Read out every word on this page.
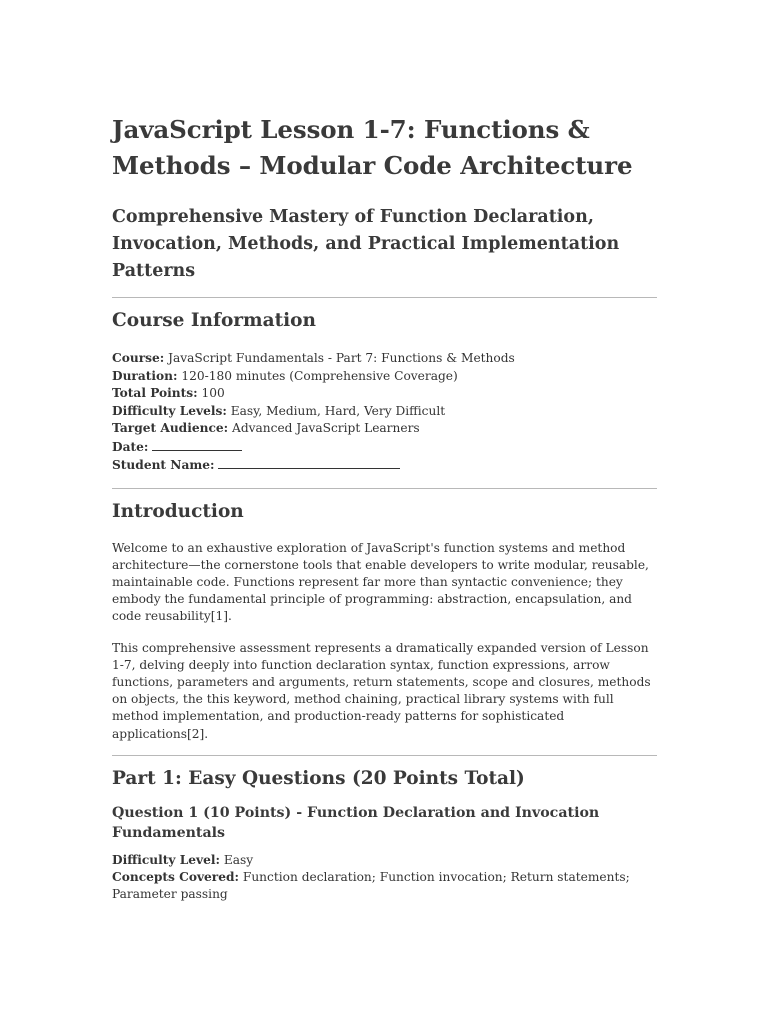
JavaScript Lesson 1-7: Functions & Methods – Modular Code Architecture
Comprehensive Mastery of Function Declaration, Invocation, Methods, and Practical Implementation Patterns
Course Information
Course: JavaScript Fundamentals - Part 7: Functions & Methods
Duration: 120-180 minutes (Comprehensive Coverage)
Total Points: 100
Difficulty Levels: Easy, Medium, Hard, Very Difficult
Target Audience: Advanced JavaScript Learners
Date:
Student Name:
Introduction

Welcome to an exhaustive exploration of JavaScript's function systems and method architecture—the cornerstone tools that enable developers to write modular, reusable, maintainable code. Functions represent far more than syntactic convenience; they embody the fundamental principle of programming: abstraction, encapsulation, and code reusability[1].

This comprehensive assessment represents a dramatically expanded version of Lesson 1-7, delving deeply into function declaration syntax, function expressions, arrow functions, parameters and arguments, return statements, scope and closures, methods on objects, the this keyword, method chaining, practical library systems with full method implementation, and production-ready patterns for sophisticated applications[2].

Part 1: Easy Questions (20 Points Total)
Question 1 (10 Points) - Function Declaration and Invocation Fundamentals
Difficulty Level: Easy
Concepts Covered: Function declaration; Function invocation; Return statements; Parameter passing
